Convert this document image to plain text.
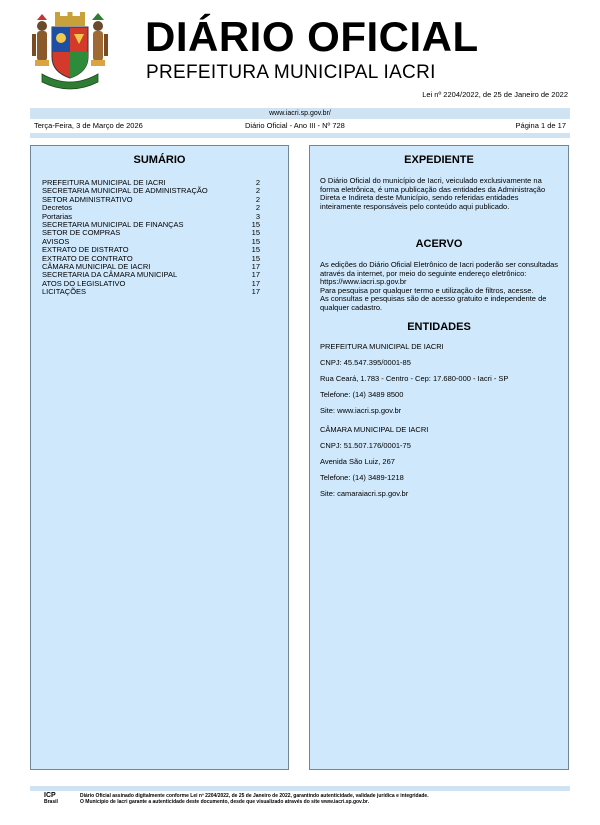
DIÁRIO OFICIAL
PREFEITURA MUNICIPAL IACRI
Lei nº 2204/2022, de 25 de Janeiro de 2022
www.iacri.sp.gov.br/
Terça-Feira, 3 de Março de 2026	Diário Oficial - Ano III - Nº 728	Página 1 de 17
SUMÁRIO
PREFEITURA MUNICIPAL DE IACRI	2
SECRETARIA MUNICIPAL DE ADMINISTRAÇÃO	2
SETOR ADMINISTRATIVO	2
Decretos	2
Portarias	3
SECRETARIA MUNICIPAL DE FINANÇAS	15
SETOR DE COMPRAS	15
AVISOS	15
EXTRATO DE DISTRATO	15
EXTRATO DE CONTRATO	15
CÂMARA MUNICIPAL DE IACRI	17
SECRETARIA DA CÂMARA MUNICIPAL	17
ATOS DO LEGISLATIVO	17
LICITAÇÕES	17
EXPEDIENTE
O Diário Oficial do município de Iacri, veiculado exclusivamente na forma eletrônica, é uma publicação das entidades da Administração Direta e Indireta deste Município, sendo referidas entidades inteiramente responsáveis pelo conteúdo aqui publicado.
ACERVO
As edições do Diário Oficial Eletrônico de Iacri poderão ser consultadas através da internet, por meio do seguinte endereço eletrônico: https://www.iacri.sp.gov.br
Para pesquisa por qualquer termo e utilização de filtros, acesse.
As consultas e pesquisas são de acesso gratuito e independente de qualquer cadastro.
ENTIDADES
PREFEITURA MUNICIPAL DE IACRI
CNPJ: 45.547.395/0001-85
Rua Ceará, 1.783 - Centro - Cep: 17.680-000 - Iacri - SP
Telefone: (14) 3489 8500
Site: www.iacri.sp.gov.br
CÂMARA MUNICIPAL DE IACRI
CNPJ: 51.507.176/0001-75
Avenida São Luiz, 267
Telefone: (14) 3489-1218
Site: camaraiacri.sp.gov.br
ICP
Brasil
Diário Oficial assinado digitalmente conforme Lei nº 2204/2022, de 25 de Janeiro de 2022, garantindo autenticidade, validade jurídica e integridade.
O Município de Iacri garante a autenticidade deste documento, desde que visualizado através do site www.iacri.sp.gov.br.
